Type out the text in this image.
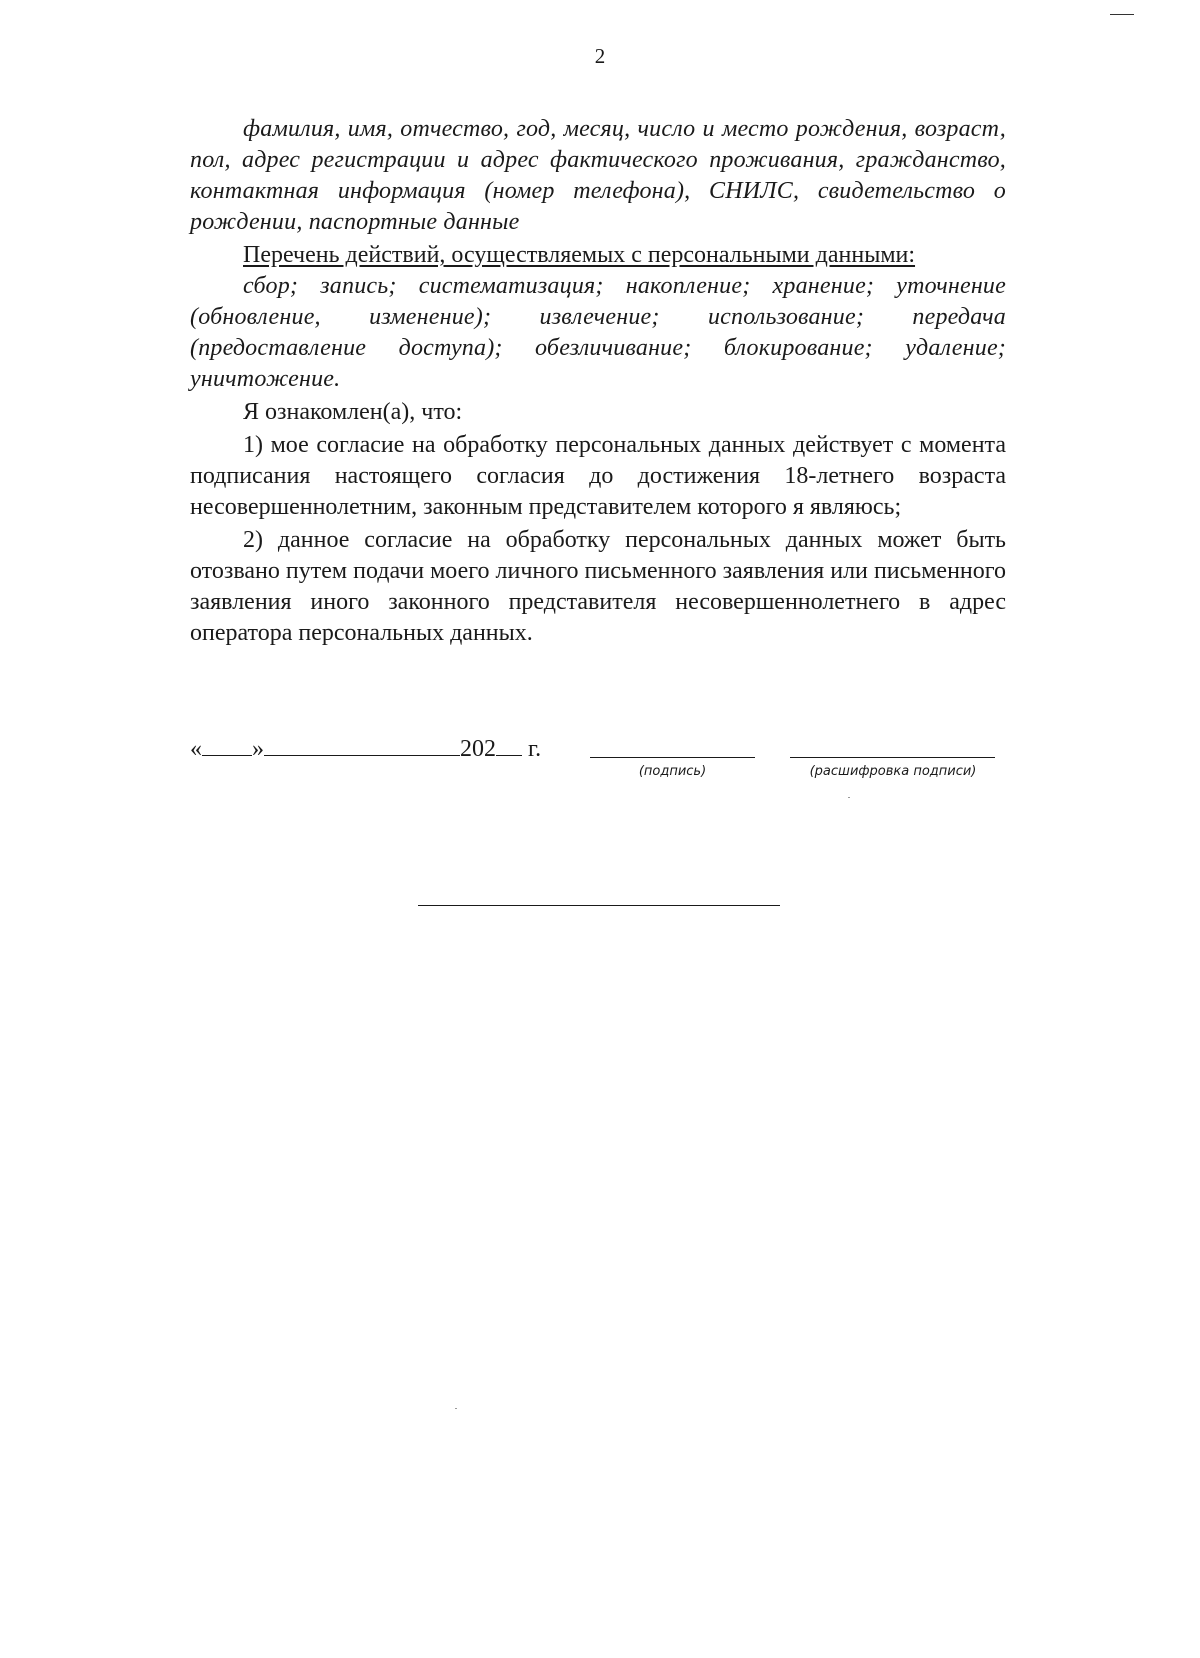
2

фамилия, имя, отчество, год, месяц, число и место рождения, возраст, пол, адрес регистрации и адрес фактического проживания, гражданство, контактная информация (номер телефона), СНИЛС, свидетельство о рождении, паспортные данные

Перечень действий, осуществляемых с персональными данными:

сбор; запись; систематизация; накопление; хранение; уточнение (обновление, изменение); извлечение; использование; передача (предоставление доступа); обезличивание; блокирование; удаление; уничтожение.

Я ознакомлен(а), что:

1) мое согласие на обработку персональных данных действует с момента подписания настоящего согласия до достижения 18-летнего возраста несовершеннолетним, законным представителем которого я являюсь;

2) данное согласие на обработку персональных данных может быть отозвано путем подачи моего личного письменного заявления или письменного заявления иного законного представителя несовершеннолетнего в адрес оператора персональных данных.

« »	202 г.
(подпись)	(расшифровка подписи)
